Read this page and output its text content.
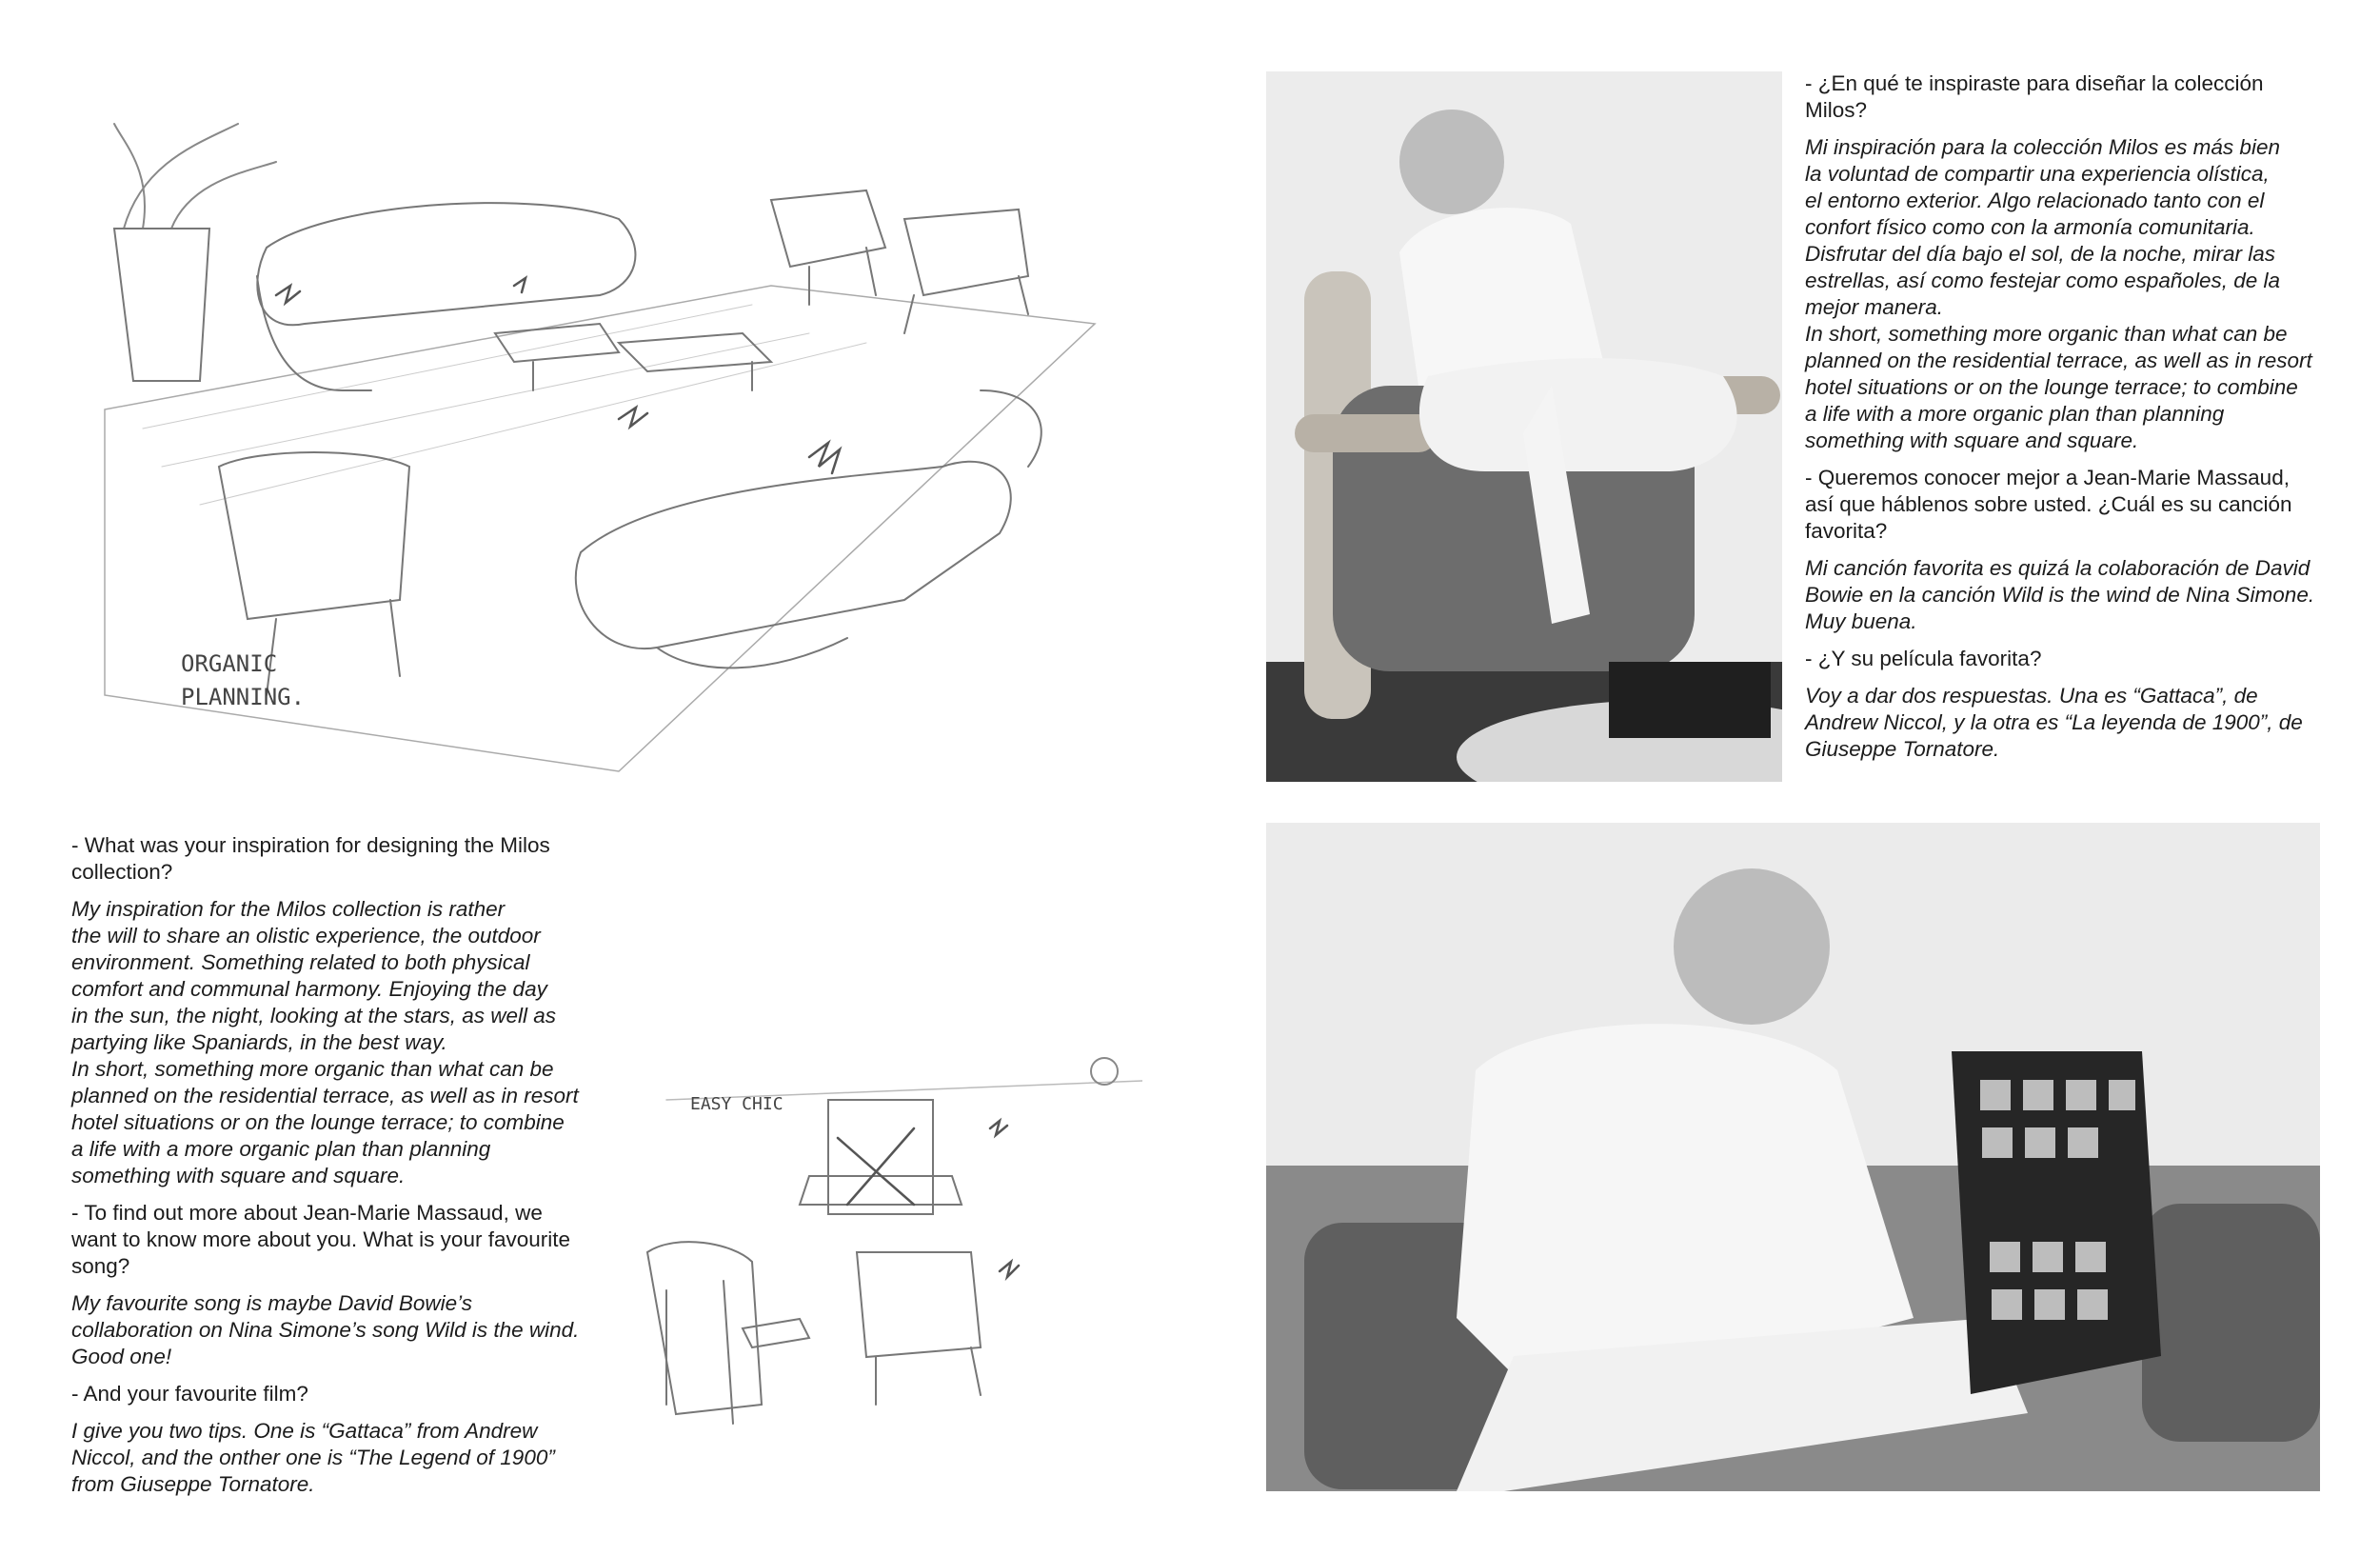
ORGANIC
PLANNING.
EASY CHIC

- ¿En qué te inspiraste para diseñar la colección
Milos?

Mi inspiración para la colección Milos es más bien
la voluntad de compartir una experiencia olística,
el entorno exterior. Algo relacionado tanto con el
confort físico como con la armonía comunitaria.
Disfrutar del día bajo el sol, de la noche, mirar las
estrellas, así como festejar como españoles, de la
mejor manera.
In short, something more organic than what can be
planned on the residential terrace, as well as in resort
hotel situations or on the lounge terrace; to combine
a life with a more organic plan than planning
something with square and square.

- Queremos conocer mejor a Jean-Marie Massaud,
así que háblenos sobre usted. ¿Cuál es su canción
favorita?

Mi canción favorita es quizá la colaboración de David
Bowie en la canción Wild is the wind de Nina Simone.
Muy buena.

- ¿Y su película favorita?

Voy a dar dos respuestas. Una es “Gattaca”, de
Andrew Niccol, y la otra es “La leyenda de 1900”, de
Giuseppe Tornatore.

- What was your inspiration for designing the Milos
collection?

My inspiration for the Milos collection is rather
the will to share an olistic experience, the outdoor
environment. Something related to both physical
comfort and communal harmony. Enjoying the day
in the sun, the night, looking at the stars, as well as
partying like Spaniards, in the best way.
In short, something more organic than what can be
planned on the residential terrace, as well as in resort
hotel situations or on the lounge terrace; to combine
a life with a more organic plan than planning
something with square and square.

- To find out more about Jean-Marie Massaud, we
want to know more about you. What is your favourite
song?

My favourite song is maybe David Bowie’s
collaboration on Nina Simone’s song Wild is the wind.
Good one!

- And your favourite film?

I give you two tips. One is “Gattaca” from Andrew
Niccol, and the onther one is “The Legend of 1900”
from Giuseppe Tornatore.
